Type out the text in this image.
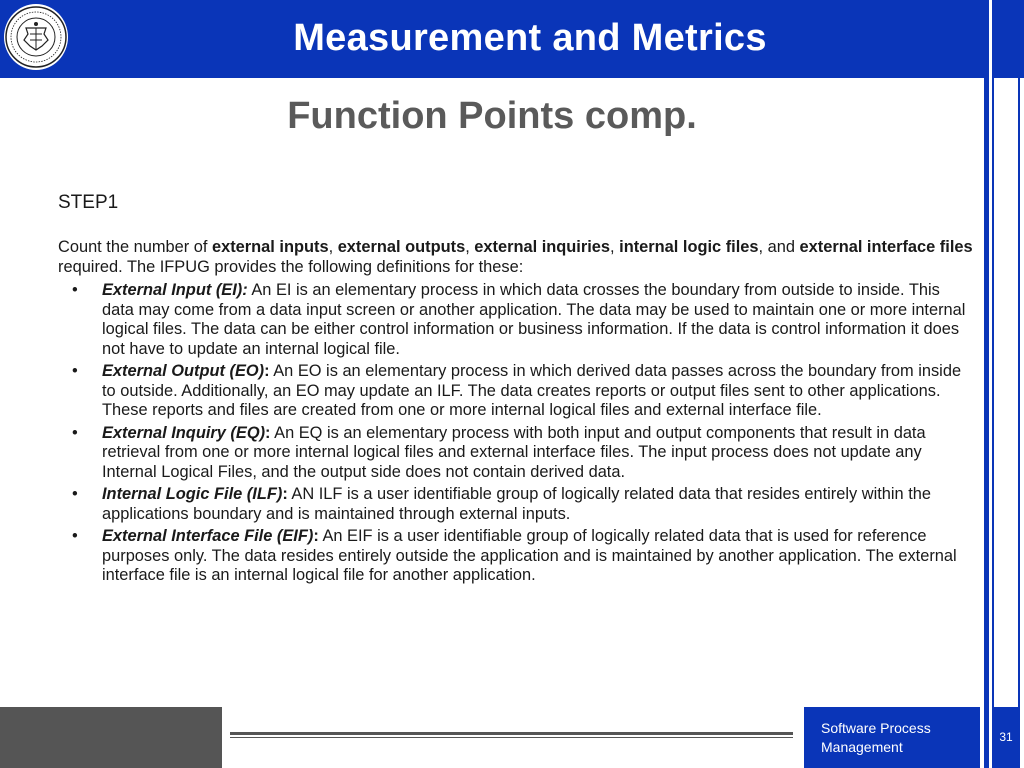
Measurement and Metrics
Function Points comp.
STEP1
Count the number of external inputs, external outputs, external inquiries, internal logic files, and external interface files required. The IFPUG provides the following definitions for these:
• External Input (EI): An EI is an elementary process in which data crosses the boundary from outside to inside. This data may come from a data input screen or another application. The data may be used to maintain one or more internal logical files. The data can be either control information or business information. If the data is control information it does not have to update an internal logical file.
• External Output (EO): An EO is an elementary process in which derived data passes across the boundary from inside to outside. Additionally, an EO may update an ILF. The data creates reports or output files sent to other applications. These reports and files are created from one or more internal logical files and external interface file.
• External Inquiry (EQ): An EQ is an elementary process with both input and output components that result in data retrieval from one or more internal logical files and external interface files. The input process does not update any Internal Logical Files, and the output side does not contain derived data.
• Internal Logic File (ILF): AN ILF is a user identifiable group of logically related data that resides entirely within the applications boundary and is maintained through external inputs.
• External Interface File (EIF): An EIF is a user identifiable group of logically related data that is used for reference purposes only. The data resides entirely outside the application and is maintained by another application. The external interface file is an internal logical file for another application.
Software Process
Management
31
